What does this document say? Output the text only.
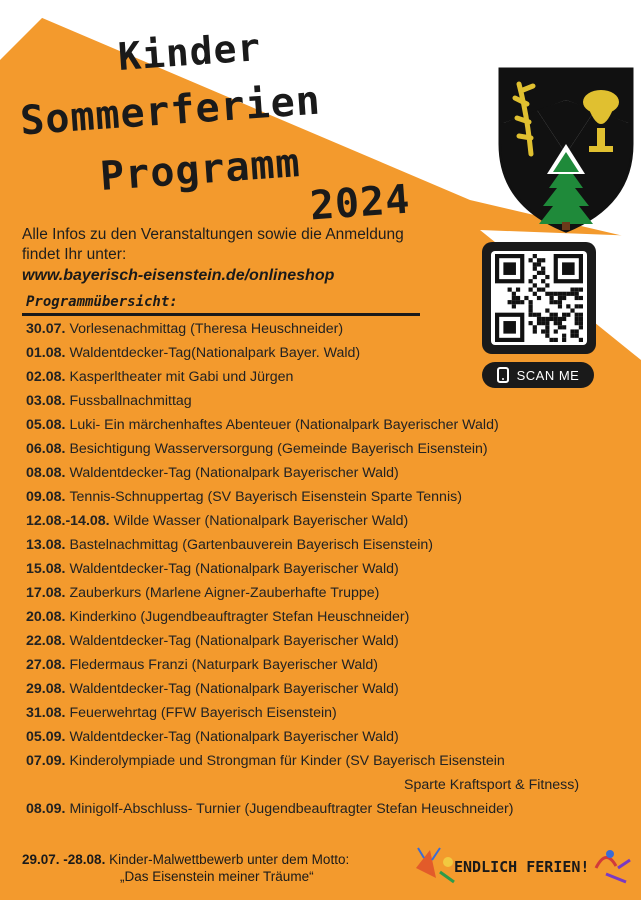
Kinder
Sommerferien
Programm
2024
Alle Infos zu den Veranstaltungen sowie die Anmeldung
findet Ihr unter:
www.bayerisch-eisenstein.de/onlineshop
SCAN ME
Programmübersicht:
30.07. Vorlesenachmittag (Theresa Heuschneider)
01.08. Waldentdecker-Tag(Nationalpark Bayer. Wald)
02.08. Kasperltheater mit Gabi und Jürgen
03.08. Fussballnachmittag
05.08. Luki- Ein märchenhaftes Abenteuer (Nationalpark Bayerischer Wald)
06.08. Besichtigung Wasserversorgung (Gemeinde Bayerisch Eisenstein)
08.08. Waldentdecker-Tag (Nationalpark Bayerischer Wald)
09.08. Tennis-Schnuppertag (SV Bayerisch Eisenstein Sparte Tennis)
12.08.-14.08. Wilde Wasser (Nationalpark Bayerischer Wald)
13.08. Bastelnachmittag (Gartenbauverein Bayerisch Eisenstein)
15.08. Waldentdecker-Tag (Nationalpark Bayerischer Wald)
17.08. Zauberkurs (Marlene Aigner-Zauberhafte Truppe)
20.08. Kinderkino (Jugendbeauftragter Stefan Heuschneider)
22.08. Waldentdecker-Tag (Nationalpark Bayerischer Wald)
27.08. Fledermaus Franzi (Naturpark Bayerischer Wald)
29.08. Waldentdecker-Tag (Nationalpark Bayerischer Wald)
31.08. Feuerwehrtag (FFW Bayerisch Eisenstein)
05.09. Waldentdecker-Tag (Nationalpark Bayerischer Wald)
07.09. Kinderolympiade und Strongman für Kinder (SV Bayerisch Eisenstein
Sparte Kraftsport & Fitness)
08.09. Minigolf-Abschluss- Turnier (Jugendbeauftragter Stefan Heuschneider)
29.07. -28.08. Kinder-Malwettbewerb unter dem Motto:
„Das Eisenstein meiner Träume“
ENDLICH FERIEN!
